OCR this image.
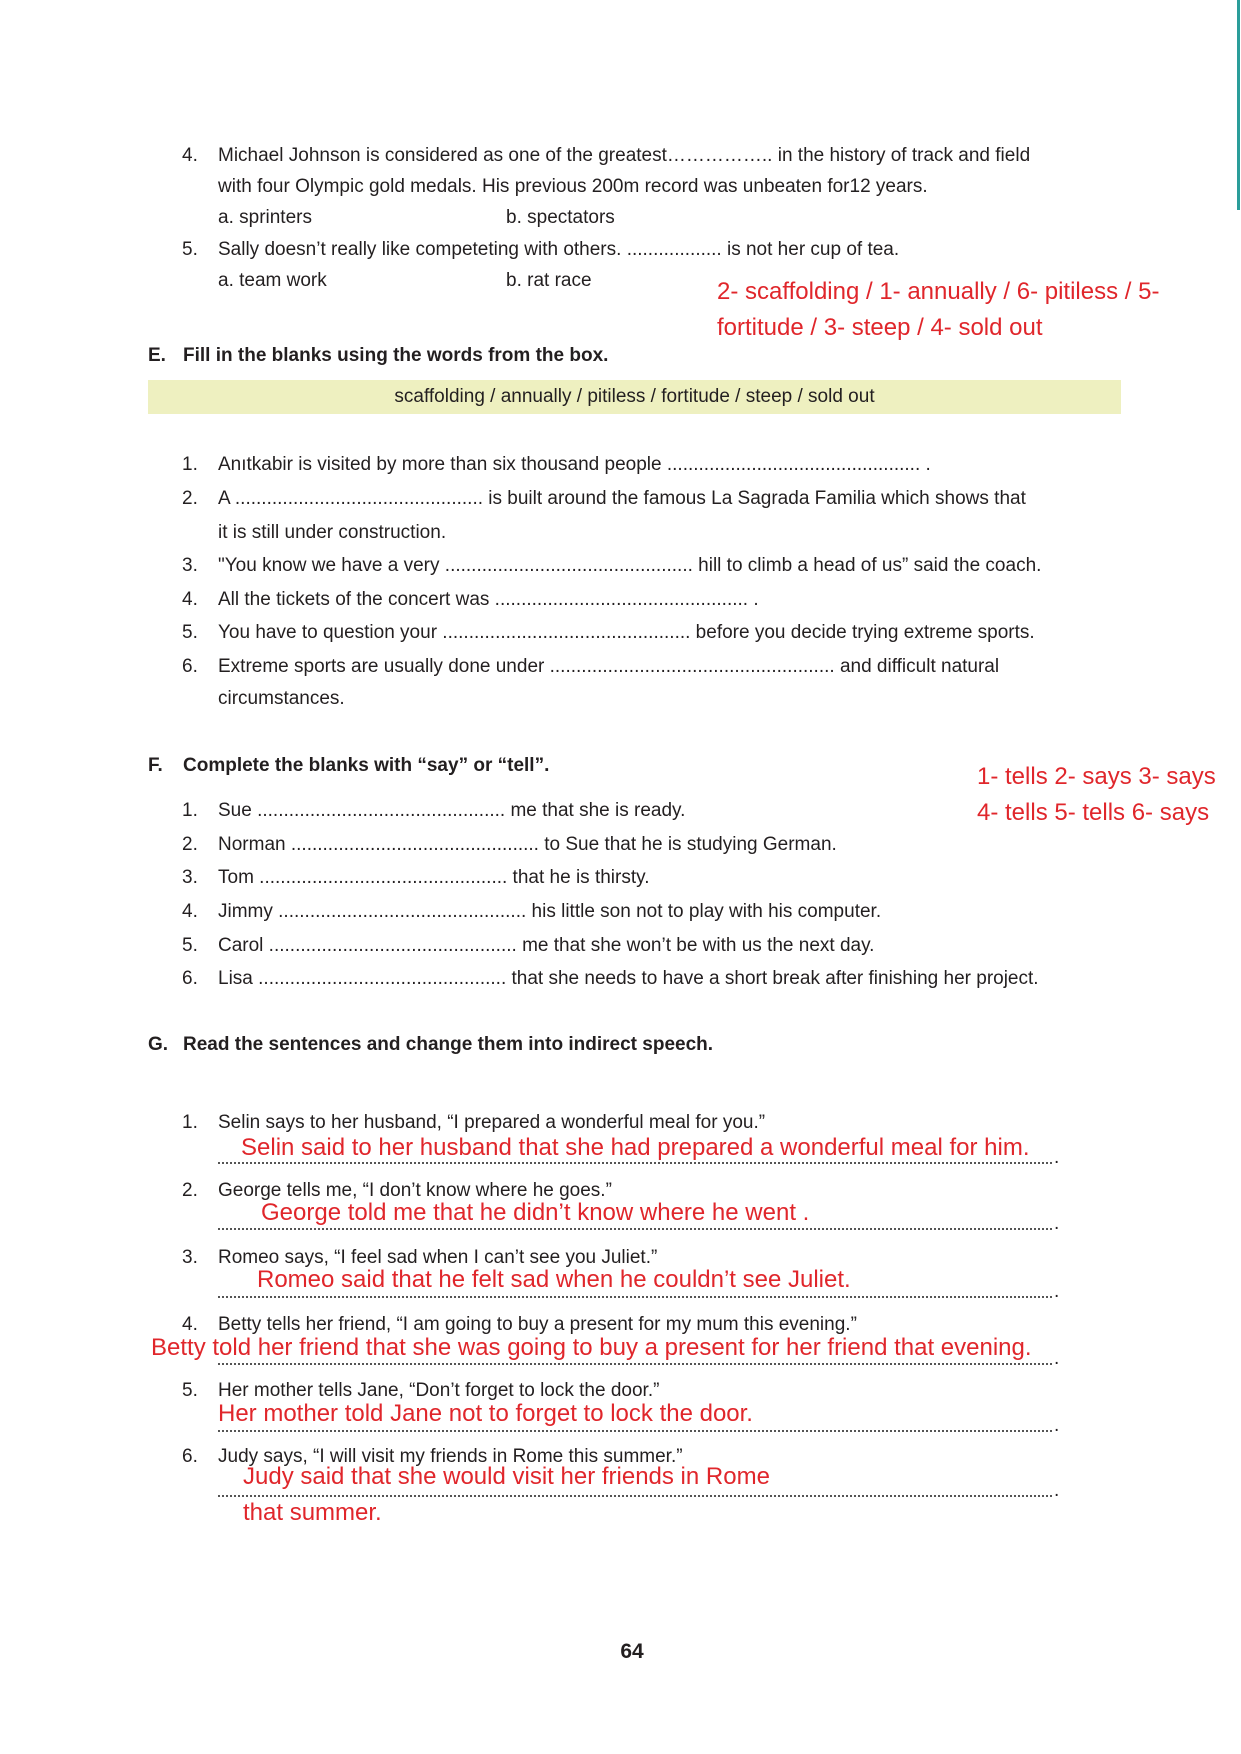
4. Michael Johnson is considered as one of the greatest…………….. in the history of track and field
with four Olympic gold medals. His previous 200m record was unbeaten for12 years.
a. sprinters	b. spectators
5. Sally doesn’t really like competeting with others. .................. is not her cup of tea.
a. team work	b. rat race	2- scaffolding / 1- annually / 6- pitiless / 5-
fortitude / 3- steep / 4- sold out
E. Fill in the blanks using the words from the box.
scaffolding / annually / pitiless / fortitude / steep / sold out
1. Anıtkabir is visited by more than six thousand people ................................................ .
2. A ............................................... is built around the famous La Sagrada Familia which shows that
it is still under construction.
3. "You know we have a very ............................................... hill to climb a head of us” said the coach.
4. All the tickets of the concert was ................................................ .
5. You have to question your ............................................... before you decide trying extreme sports.
6. Extreme sports are usually done under ...................................................... and difficult natural
circumstances.
F. Complete the blanks with “say” or “tell”.	1- tells 2- says 3- says
4- tells 5- tells 6- says
1. Sue ............................................... me that she is ready.
2. Norman ............................................... to Sue that he is studying German.
3. Tom ............................................... that he is thirsty.
4. Jimmy ............................................... his little son not to play with his computer.
5. Carol ............................................... me that she won’t be with us the next day.
6. Lisa ............................................... that she needs to have a short break after finishing her project.
G. Read the sentences and change them into indirect speech.
1. Selin says to her husband, “I prepared a wonderful meal for you.”
.
Selin said to her husband that she had prepared a wonderful meal for him.
2. George tells me, “I don’t know where he goes.”
.
George told me that he didn’t know where he went .
3. Romeo says, “I feel sad when I can’t see you Juliet.”
.
Romeo said that he felt sad when he couldn’t see Juliet.
4. Betty tells her friend, “I am going to buy a present for my mum this evening.”
.
Betty told her friend that she was going to buy a present for her friend that evening.
5. Her mother tells Jane, “Don’t forget to lock the door.”
.
Her mother told Jane not to forget to lock the door.
6. Judy says, “I will visit my friends in Rome this summer.”
.
Judy said that she would visit her friends in Rome
that summer.
64
